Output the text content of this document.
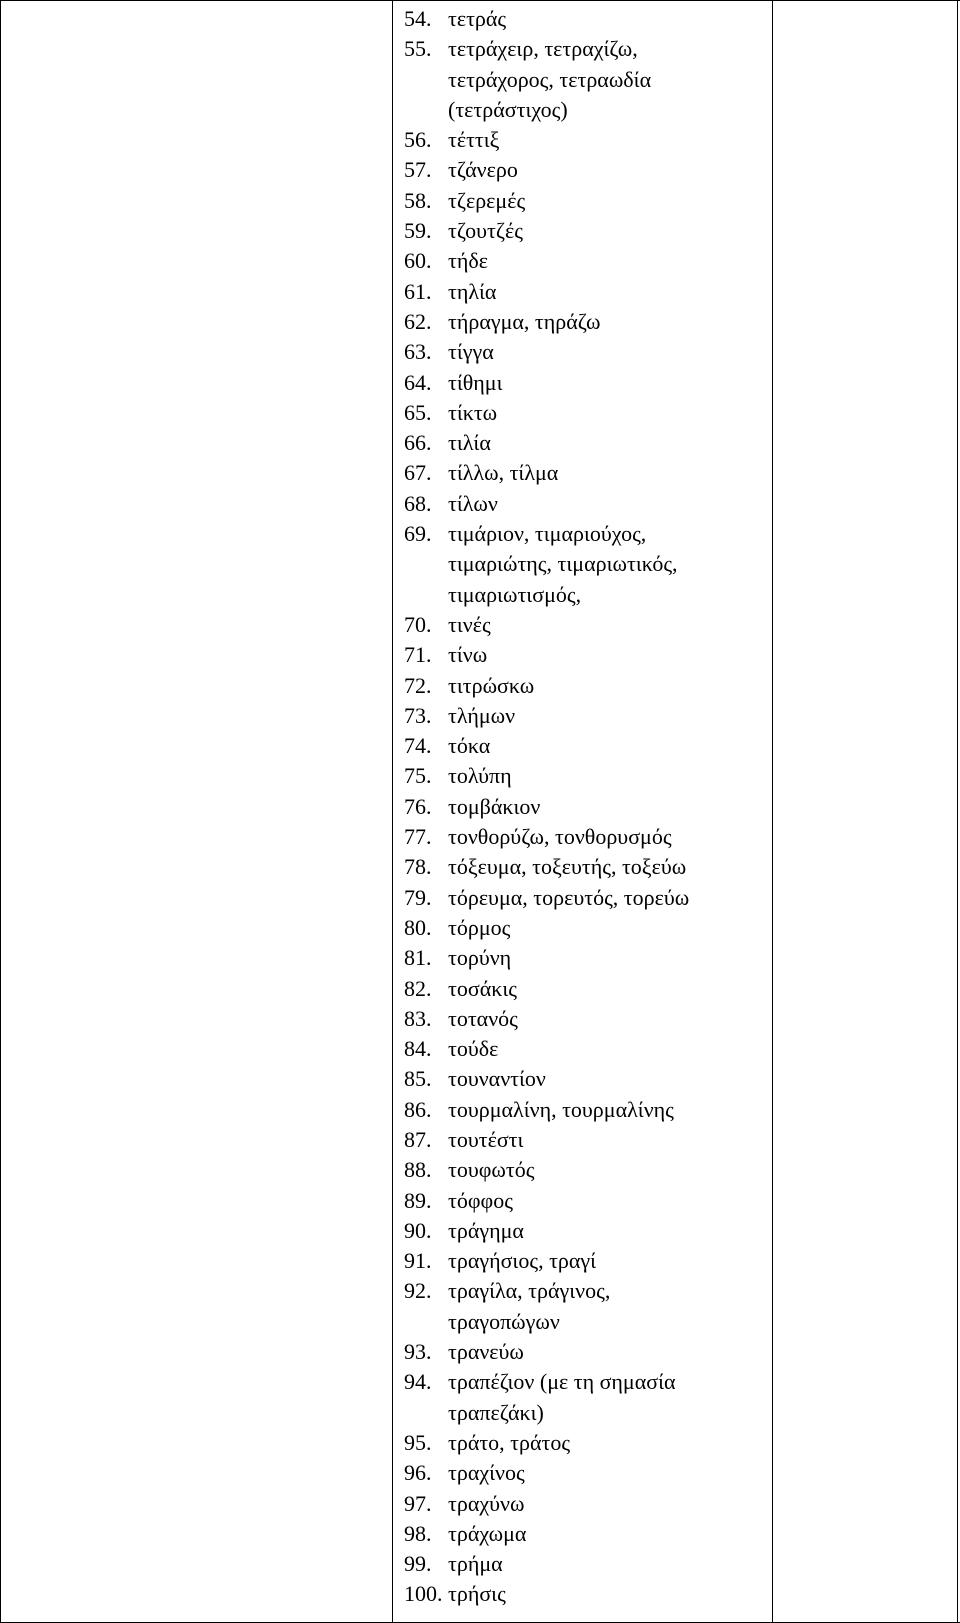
54. τετράς
55. τετράχειρ, τετραχίζω,
τετράχορος, τετραωδία
(τετράστιχος)
56. τέττιξ
57. τζάνερο
58. τζερεμές
59. τζουτζές
60. τήδε
61. τηλία
62. τήραγμα, τηράζω
63. τίγγα
64. τίθημι
65. τίκτω
66. τιλία
67. τίλλω, τίλμα
68. τίλων
69. τιμάριον, τιμαριούχος,
τιμαριώτης, τιμαριωτικός,
τιμαριωτισμός,
70. τινές
71. τίνω
72. τιτρώσκω
73. τλήμων
74. τόκα
75. τολύπη
76. τομβάκιον
77. τονθορύζω, τονθορυσμός
78. τόξευμα, τοξευτής, τοξεύω
79. τόρευμα, τορευτός, τορεύω
80. τόρμος
81. τορύνη
82. τοσάκις
83. τοτανός
84. τούδε
85. τουναντίον
86. τουρμαλίνη, τουρμαλίνης
87. τουτέστι
88. τουφωτός
89. τόφφος
90. τράγημα
91. τραγήσιος, τραγί
92. τραγίλα, τράγινος,
τραγοπώγων
93. τρανεύω
94. τραπέζιον (με τη σημασία
τραπεζάκι)
95. τράτο, τράτος
96. τραχίνος
97. τραχύνω
98. τράχωμα
99. τρήμα
100. τρήσις
